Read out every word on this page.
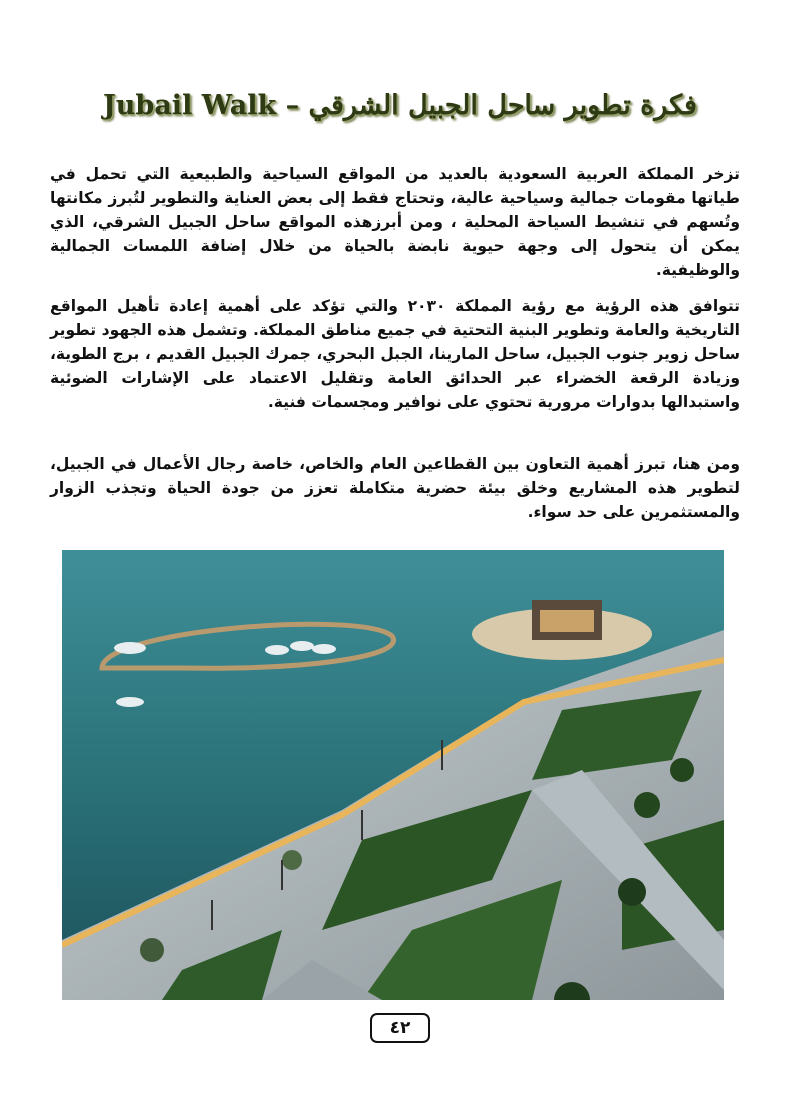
فكرة تطوير ساحل الجبيل الشرقي – Jubail Walk

تزخر المملكة العربية السعودية بالعديد من المواقع السياحية والطبيعية التي تحمل في طياتها مقومات جمالية وسياحية عالية، وتحتاج فقط إلى بعض العناية والتطوير لتُبرز مكانتها وتُسهم في تنشيط السياحة المحلية ، ومن أبرزهذه المواقع ساحل الجبيل الشرقي، الذي يمكن أن يتحول إلى وجهة حيوية نابضة بالحياة من خلال إضافة اللمسات الجمالية والوظيفية.

تتوافق هذه الرؤية مع رؤية المملكة ٢٠٣٠ والتي تؤكد على أهمية إعادة تأهيل المواقع التاريخية والعامة وتطوير البنية التحتية في جميع مناطق المملكة. وتشمل هذه الجهود تطوير ساحل زوير جنوب الجبيل، ساحل المارينا، الجبل البحري، جمرك الجبيل القديم ، برج الطوية، وزيادة الرقعة الخضراء عبر الحدائق العامة وتقليل الاعتماد على الإشارات الضوئية واستبدالها بدوارات مرورية تحتوي على نوافير ومجسمات فنية.

ومن هنا، تبرز أهمية التعاون بين القطاعين العام والخاص، خاصة رجال الأعمال في الجبيل، لتطوير هذه المشاريع وخلق بيئة حضرية متكاملة تعزز من جودة الحياة وتجذب الزوار والمستثمرين على حد سواء.

٤٢
